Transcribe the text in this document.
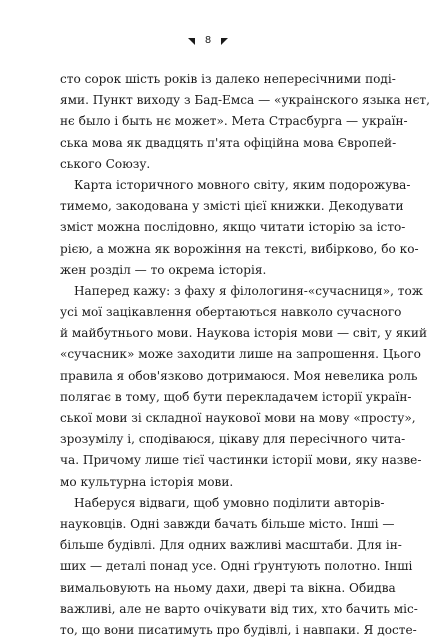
8
сто сорок шість років із далеко непересічними поді-
ями. Пункт виходу з Бад-Емса — «украінского языка нєт,
нє было і быть нє может». Мета Страсбурга — україн-
ська мова як двадцять п'ята офіційна мова Європей-
ського Союзу.
Карта історичного мовного світу, яким подорожува-
тимемо, закодована у змісті цієї книжки. Декодувати
зміст можна послідовно, якщо читати історію за істо-
рією, а можна як ворожіння на тексті, вибірково, бо ко-
жен розділ — то окрема історія.
Наперед кажу: з фаху я філологиня-«сучасниця», тож
усі мої зацікавлення обертаються навколо сучасного
й майбутнього мови. Наукова історія мови — світ, у який
«сучасник» може заходити лише на запрошення. Цього
правила я обов'язково дотримаюся. Моя невелика роль
полягає в тому, щоб бути перекладачем історії україн-
ської мови зі складної наукової мови на мову «просту»,
зрозумілу і, сподіваюся, цікаву для пересічного чита-
ча. Причому лише тієї частинки історії мови, яку назве-
мо культурна історія мови.
Наберуся відваги, щоб умовно поділити авторів-
науковців. Одні завжди бачать більше місто. Інші —
більше будівлі. Для одних важливі масштаби. Для ін-
ших — деталі понад усе. Одні ґрунтують полотно. Інші
вимальовують на ньому дахи, двері та вікна. Обидва
важливі, але не варто очікувати від тих, хто бачить міс-
то, що вони писатимуть про будівлі, і навпаки. Я досте-
